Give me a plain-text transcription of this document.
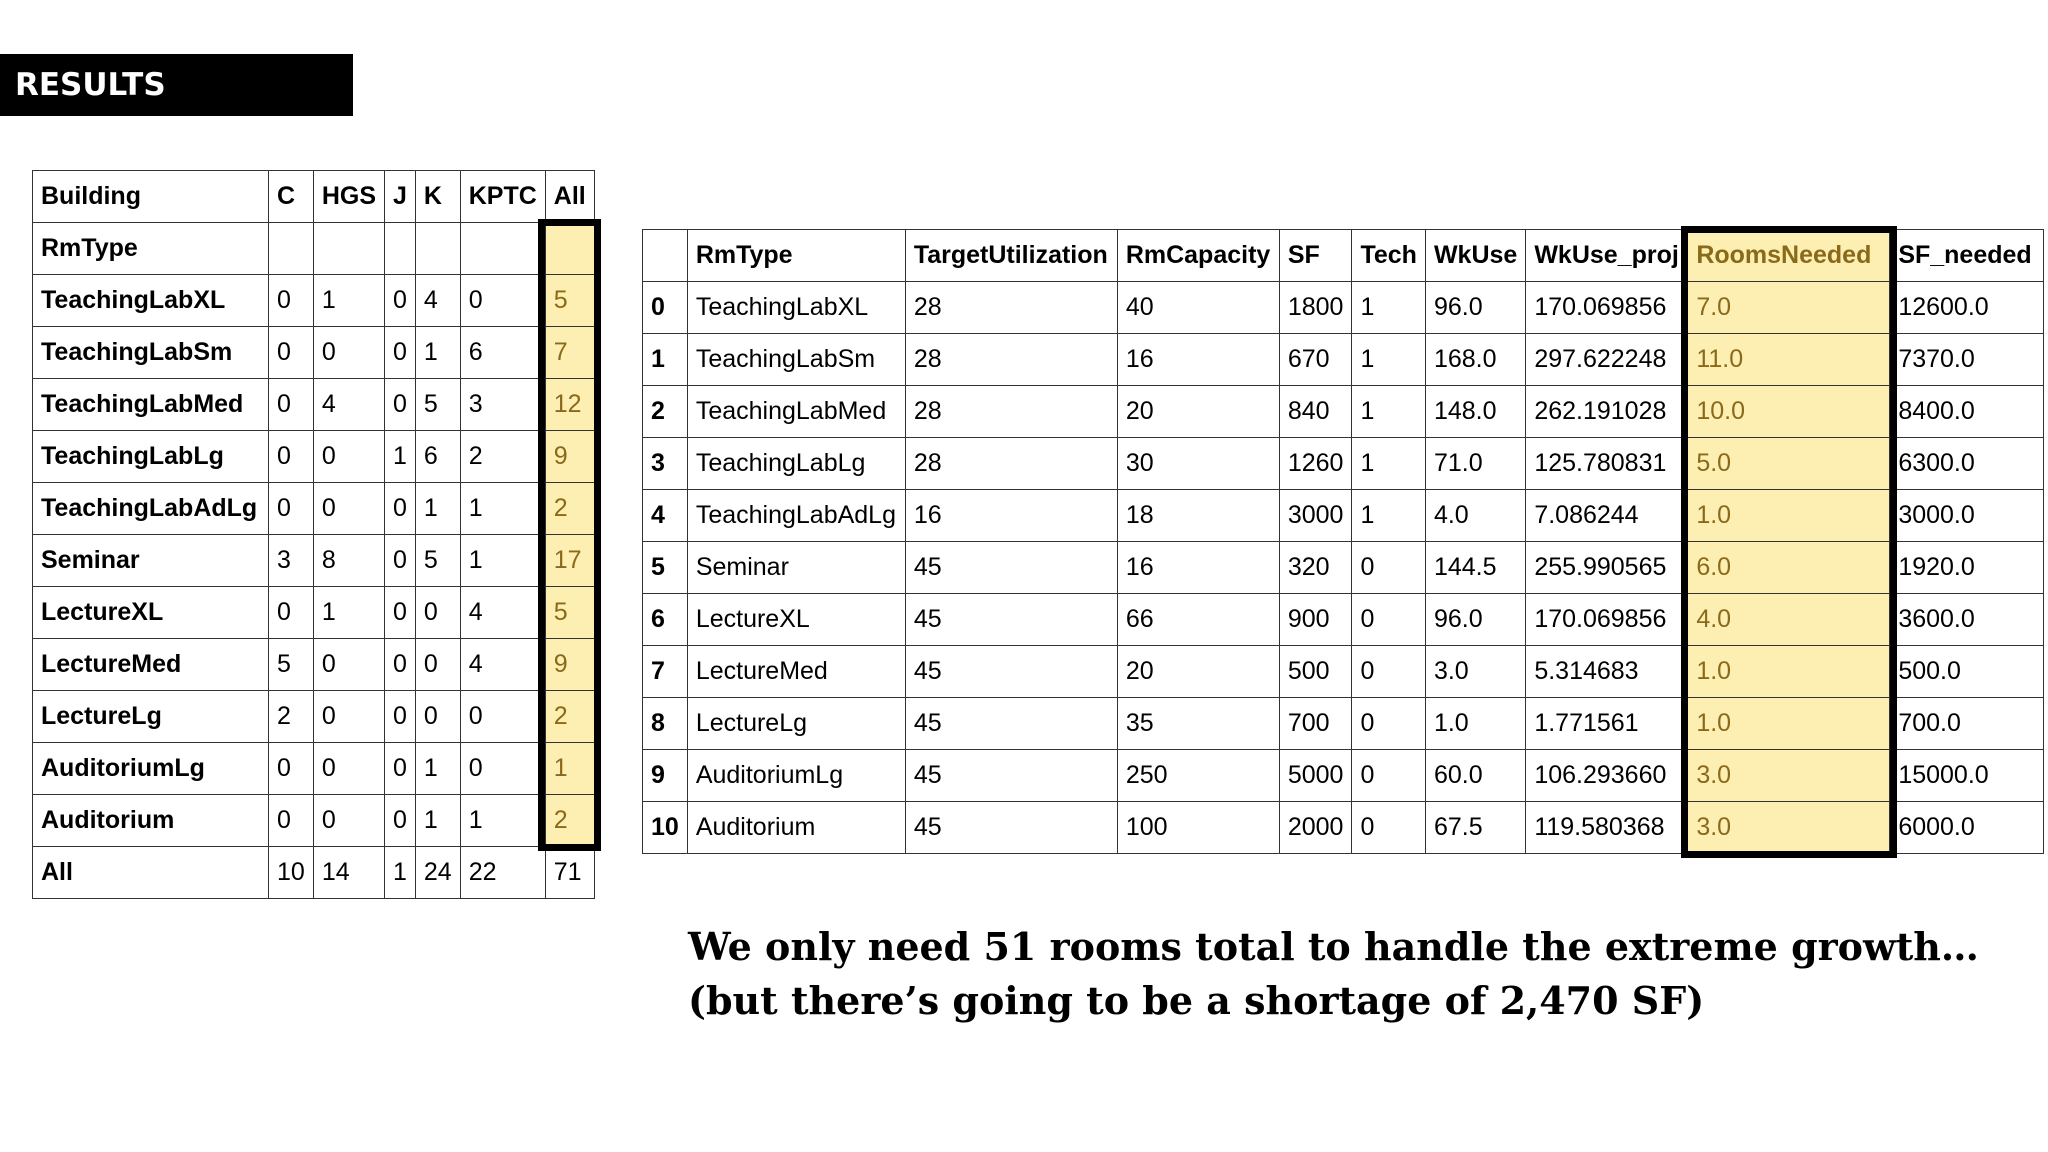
RESULTS
Building	C	HGS	J	K	KPTC	All
RmType						
TeachingLabXL	0	1	0	4	0	5
TeachingLabSm	0	0	0	1	6	7
TeachingLabMed	0	4	0	5	3	12
TeachingLabLg	0	0	1	6	2	9
TeachingLabAdLg	0	0	0	1	1	2
Seminar	3	8	0	5	1	17
LectureXL	0	1	0	0	4	5
LectureMed	5	0	0	0	4	9
LectureLg	2	0	0	0	0	2
AuditoriumLg	0	0	0	1	0	1
Auditorium	0	0	0	1	1	2
All	10	14	1	24	22	71
	RmType	TargetUtilization	RmCapacity	SF	Tech	WkUse	WkUse_proj	RoomsNeeded	SF_needed
0	TeachingLabXL	28	40	1800	1	96.0	170.069856	7.0	12600.0
1	TeachingLabSm	28	16	670	1	168.0	297.622248	11.0	7370.0
2	TeachingLabMed	28	20	840	1	148.0	262.191028	10.0	8400.0
3	TeachingLabLg	28	30	1260	1	71.0	125.780831	5.0	6300.0
4	TeachingLabAdLg	16	18	3000	1	4.0	7.086244	1.0	3000.0
5	Seminar	45	16	320	0	144.5	255.990565	6.0	1920.0
6	LectureXL	45	66	900	0	96.0	170.069856	4.0	3600.0
7	LectureMed	45	20	500	0	3.0	5.314683	1.0	500.0
8	LectureLg	45	35	700	0	1.0	1.771561	1.0	700.0
9	AuditoriumLg	45	250	5000	0	60.0	106.293660	3.0	15000.0
10	Auditorium	45	100	2000	0	67.5	119.580368	3.0	6000.0
We only need 51 rooms total to handle the extreme growth…
(but there’s going to be a shortage of 2,470 SF)
